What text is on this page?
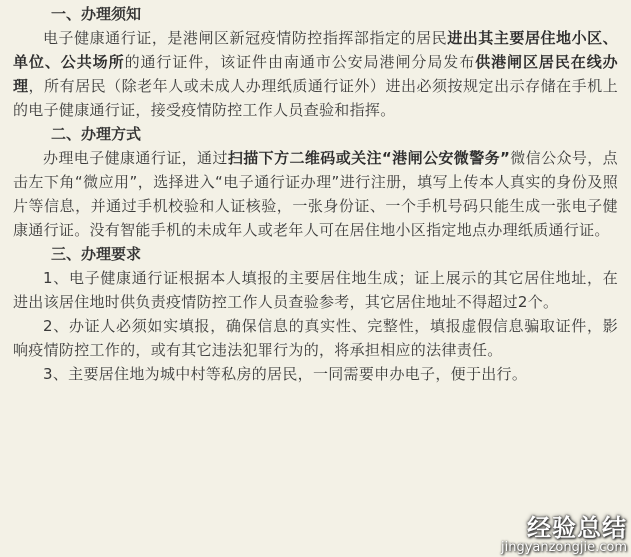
一、办理须知

电子健康通行证，是港闸区新冠疫情防控指挥部指定的居民进出其主要居住地小区、单位、公共场所的通行证件，该证件由南通市公安局港闸分局发布供港闸区居民在线办理，所有居民（除老年人或未成人办理纸质通行证外）进出必须按规定出示存储在手机上的电子健康通行证，接受疫情防控工作人员查验和指挥。

二、办理方式

办理电子健康通行证，通过扫描下方二维码或关注“港闸公安微警务”微信公众号，点击左下角“微应用”，选择进入“电子通行证办理”进行注册，填写上传本人真实的身份及照片等信息，并通过手机校验和人证核验，一张身份证、一个手机号码只能生成一张电子健康通行证。没有智能手机的未成年人或老年人可在居住地小区指定地点办理纸质通行证。

三、办理要求

1、电子健康通行证根据本人填报的主要居住地生成；证上展示的其它居住地址，在进出该居住地时供负责疫情防控工作人员查验参考，其它居住地址不得超过2个。

2、办证人必须如实填报，确保信息的真实性、完整性，填报虚假信息骗取证件，影响疫情防控工作的，或有其它违法犯罪行为的，将承担相应的法律责任。

3、主要居住地为城中村等私房的居民，一同需要申办电子，便于出行。

经验总结
jingyanzongjie.com
